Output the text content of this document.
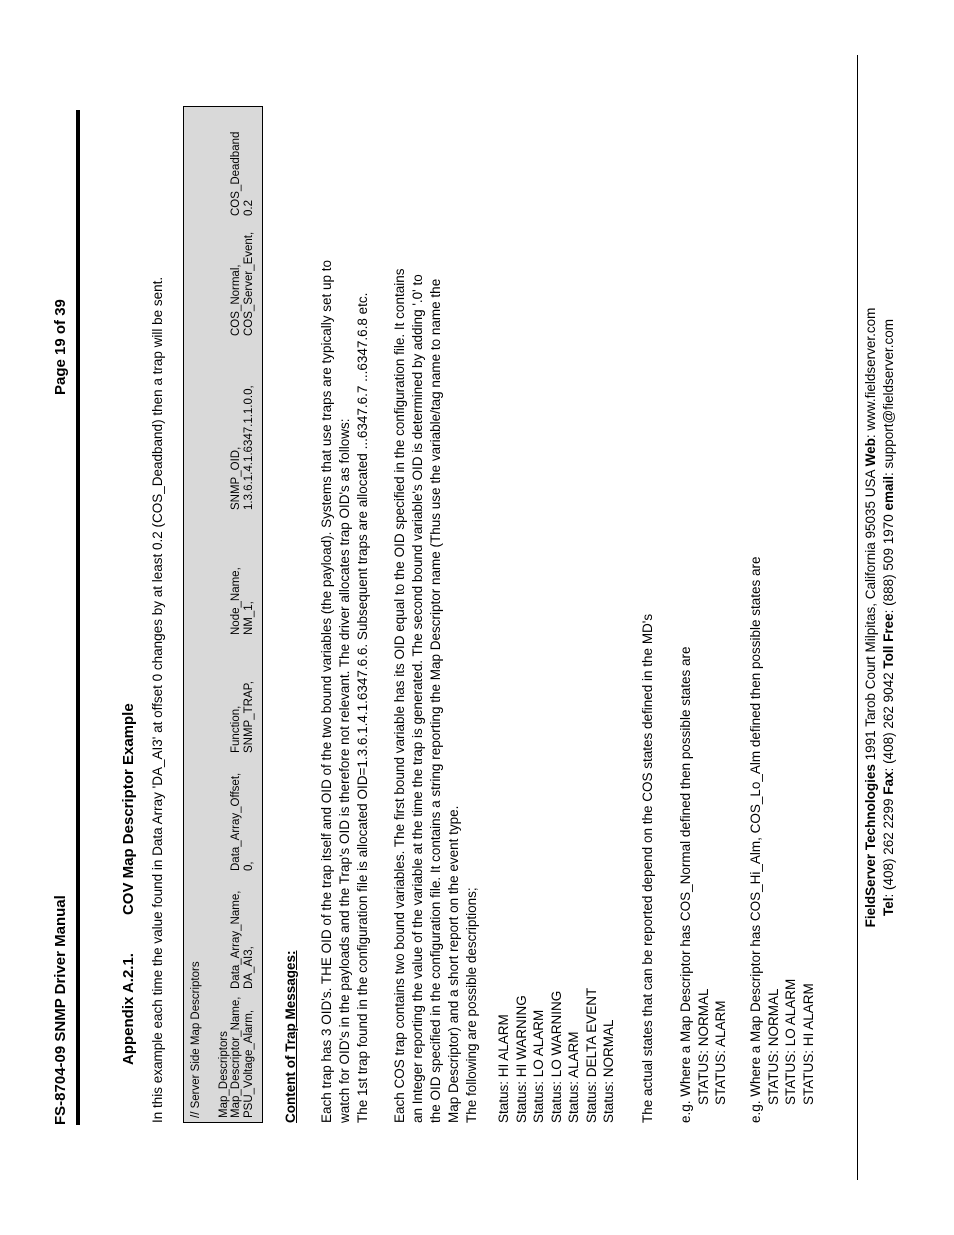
FS-8704-09 SNMP Driver Manual
Page 19 of 39
Appendix A.2.1.COV Map Descriptor Example In this example each time the value found in Data Array 'DA_AI3' at offset 0 changes by at least 0.2 (COS_Deadband) then a trap will be sent. // Server Side Map Descriptors Map_Descriptors Map_Descriptor_Name, PSU_Voltage_Alarm,
Data_Array_Name, DA_AI3,
Data_Array_Offset, 0,
Function, SNMP_TRAP,
Node_Name, NM_1,
SNMP_OID, 1.3.6.1.4.1.6347.1.1.0.0,
COS_Normal, COS_Server_Event,
COS_Deadband 0.2
Content of Trap Messages: Each trap has 3 OID's. THE OID of the trap itself and OID of the two bound variables (the payload). Systems that use traps are typically set up to watch for OID's in the payloads and the Trap's OID is therefore not relevant. The driver allocates trap OID's as follows: The 1st trap found in the configuration file is allocated OID=1.3.6.1.4.1.6347.6.6. Subsequent traps are allocated ...6347.6.7 ...6347.6.8 etc. Each COS trap contains two bound variables. The first bound variable has its OID equal to the OID specified in the configuration file. It contains an Integer reporting the value of the variable at the time the trap is generated. The second bound variable's OID is determined by adding '.0' to the OID specified in the configuration file. It contains a string reporting the Map Descriptor name (Thus use the variable/tag name to name the Map Descriptor) and a short report on the event type. The following are possible descriptions; Status: HI ALARM Status: HI WARNING Status: LO ALARM Status: LO WARNING Status: ALARM Status: DELTA EVENT Status: NORMAL The actual states that can be reported depend on the COS states defined in the MD's e.g. Where a Map Descriptor has COS_Normal defined then possible states are STATUS: NORMAL STATUS: ALARM e.g. Where a Map Descriptor has COS_Hi_Alm, COS_Lo_Alm defined then possible states are STATUS: NORMAL STATUS: LO ALARM STATUS: HI ALARM
FieldServer Technologies 1991 Tarob Court Milpitas, California 95035 USA Web: www.fieldserver.com
Tel: (408) 262 2299 Fax: (408) 262 9042 Toll Free: (888) 509 1970 email: support@fieldserver.com
